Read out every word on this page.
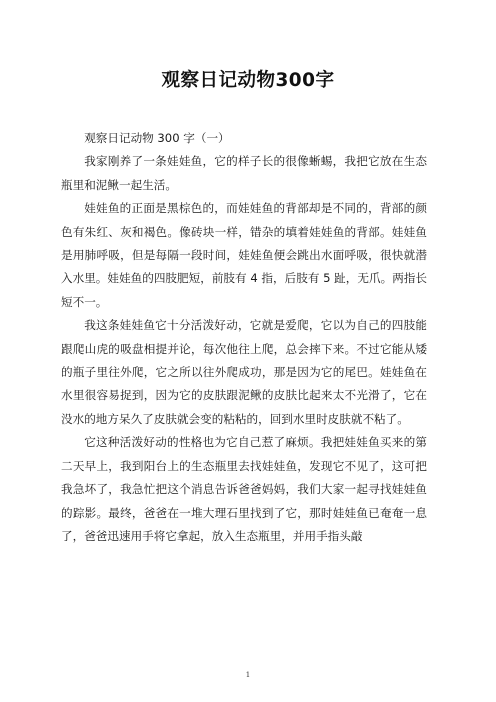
观察日记动物300字

观察日记动物 300 字（一）

我家刚养了一条娃娃鱼，它的样子长的很像蜥蜴，我把它放在生态瓶里和泥鳅一起生活。

娃娃鱼的正面是黑棕色的，而娃娃鱼的背部却是不同的，背部的颜色有朱红、灰和褐色。像砖块一样，错杂的填着娃娃鱼的背部。娃娃鱼是用肺呼吸，但是每隔一段时间，娃娃鱼便会跳出水面呼吸，很快就潜入水里。娃娃鱼的四肢肥短，前肢有 4 指，后肢有 5 趾，无爪。两指长短不一。

我这条娃娃鱼它十分活泼好动，它就是爱爬，它以为自己的四肢能跟爬山虎的吸盘相提并论，每次他往上爬，总会摔下来。不过它能从矮的瓶子里往外爬，它之所以往外爬成功，那是因为它的尾巴。娃娃鱼在水里很容易捉到，因为它的皮肤跟泥鳅的皮肤比起来太不光滑了，它在没水的地方呆久了皮肤就会变的粘粘的，回到水里时皮肤就不粘了。

它这种活泼好动的性格也为它自己惹了麻烦。我把娃娃鱼买来的第二天早上，我到阳台上的生态瓶里去找娃娃鱼，发现它不见了，这可把我急坏了，我急忙把这个消息告诉爸爸妈妈，我们大家一起寻找娃娃鱼的踪影。最终，爸爸在一堆大理石里找到了它，那时娃娃鱼已奄奄一息了，爸爸迅速用手将它拿起，放入生态瓶里，并用手指头敲

1
